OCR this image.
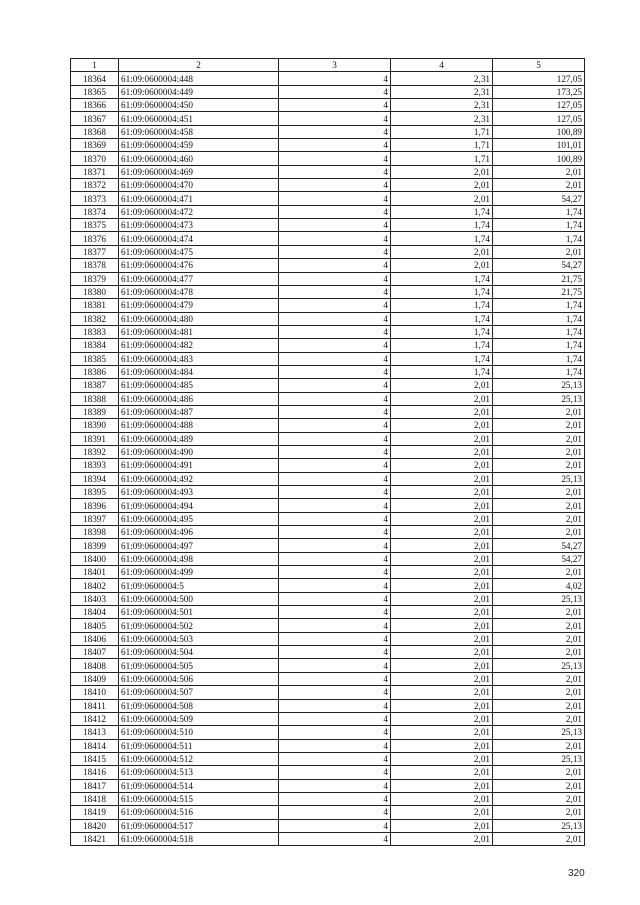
1	2	3	4	5
18364	61:09:0600004:448	4	2,31	127,05
18365	61:09:0600004:449	4	2,31	173,25
18366	61:09:0600004:450	4	2,31	127,05
18367	61:09:0600004:451	4	2,31	127,05
18368	61:09:0600004:458	4	1,71	100,89
18369	61:09:0600004:459	4	1,71	101,01
18370	61:09:0600004:460	4	1,71	100,89
18371	61:09:0600004:469	4	2,01	2,01
18372	61:09:0600004:470	4	2,01	2,01
18373	61:09:0600004:471	4	2,01	54,27
18374	61:09:0600004:472	4	1,74	1,74
18375	61:09:0600004:473	4	1,74	1,74
18376	61:09:0600004:474	4	1,74	1,74
18377	61:09:0600004:475	4	2,01	2,01
18378	61:09:0600004:476	4	2,01	54,27
18379	61:09:0600004:477	4	1,74	21,75
18380	61:09:0600004:478	4	1,74	21,75
18381	61:09:0600004:479	4	1,74	1,74
18382	61:09:0600004:480	4	1,74	1,74
18383	61:09:0600004:481	4	1,74	1,74
18384	61:09:0600004:482	4	1,74	1,74
18385	61:09:0600004:483	4	1,74	1,74
18386	61:09:0600004:484	4	1,74	1,74
18387	61:09:0600004:485	4	2,01	25,13
18388	61:09:0600004:486	4	2,01	25,13
18389	61:09:0600004:487	4	2,01	2,01
18390	61:09:0600004:488	4	2,01	2,01
18391	61:09:0600004:489	4	2,01	2,01
18392	61:09:0600004:490	4	2,01	2,01
18393	61:09:0600004:491	4	2,01	2,01
18394	61:09:0600004:492	4	2,01	25,13
18395	61:09:0600004:493	4	2,01	2,01
18396	61:09:0600004:494	4	2,01	2,01
18397	61:09:0600004:495	4	2,01	2,01
18398	61:09:0600004:496	4	2,01	2,01
18399	61:09:0600004:497	4	2,01	54,27
18400	61:09:0600004:498	4	2,01	54,27
18401	61:09:0600004:499	4	2,01	2,01
18402	61:09:0600004:5	4	2,01	4,02
18403	61:09:0600004:500	4	2,01	25,13
18404	61:09:0600004:501	4	2,01	2,01
18405	61:09:0600004:502	4	2,01	2,01
18406	61:09:0600004:503	4	2,01	2,01
18407	61:09:0600004:504	4	2,01	2,01
18408	61:09:0600004:505	4	2,01	25,13
18409	61:09:0600004:506	4	2,01	2,01
18410	61:09:0600004:507	4	2,01	2,01
18411	61:09:0600004:508	4	2,01	2,01
18412	61:09:0600004:509	4	2,01	2,01
18413	61:09:0600004:510	4	2,01	25,13
18414	61:09:0600004:511	4	2,01	2,01
18415	61:09:0600004:512	4	2,01	25,13
18416	61:09:0600004:513	4	2,01	2,01
18417	61:09:0600004:514	4	2,01	2,01
18418	61:09:0600004:515	4	2,01	2,01
18419	61:09:0600004:516	4	2,01	2,01
18420	61:09:0600004:517	4	2,01	25,13
18421	61:09:0600004:518	4	2,01	2,01
320
